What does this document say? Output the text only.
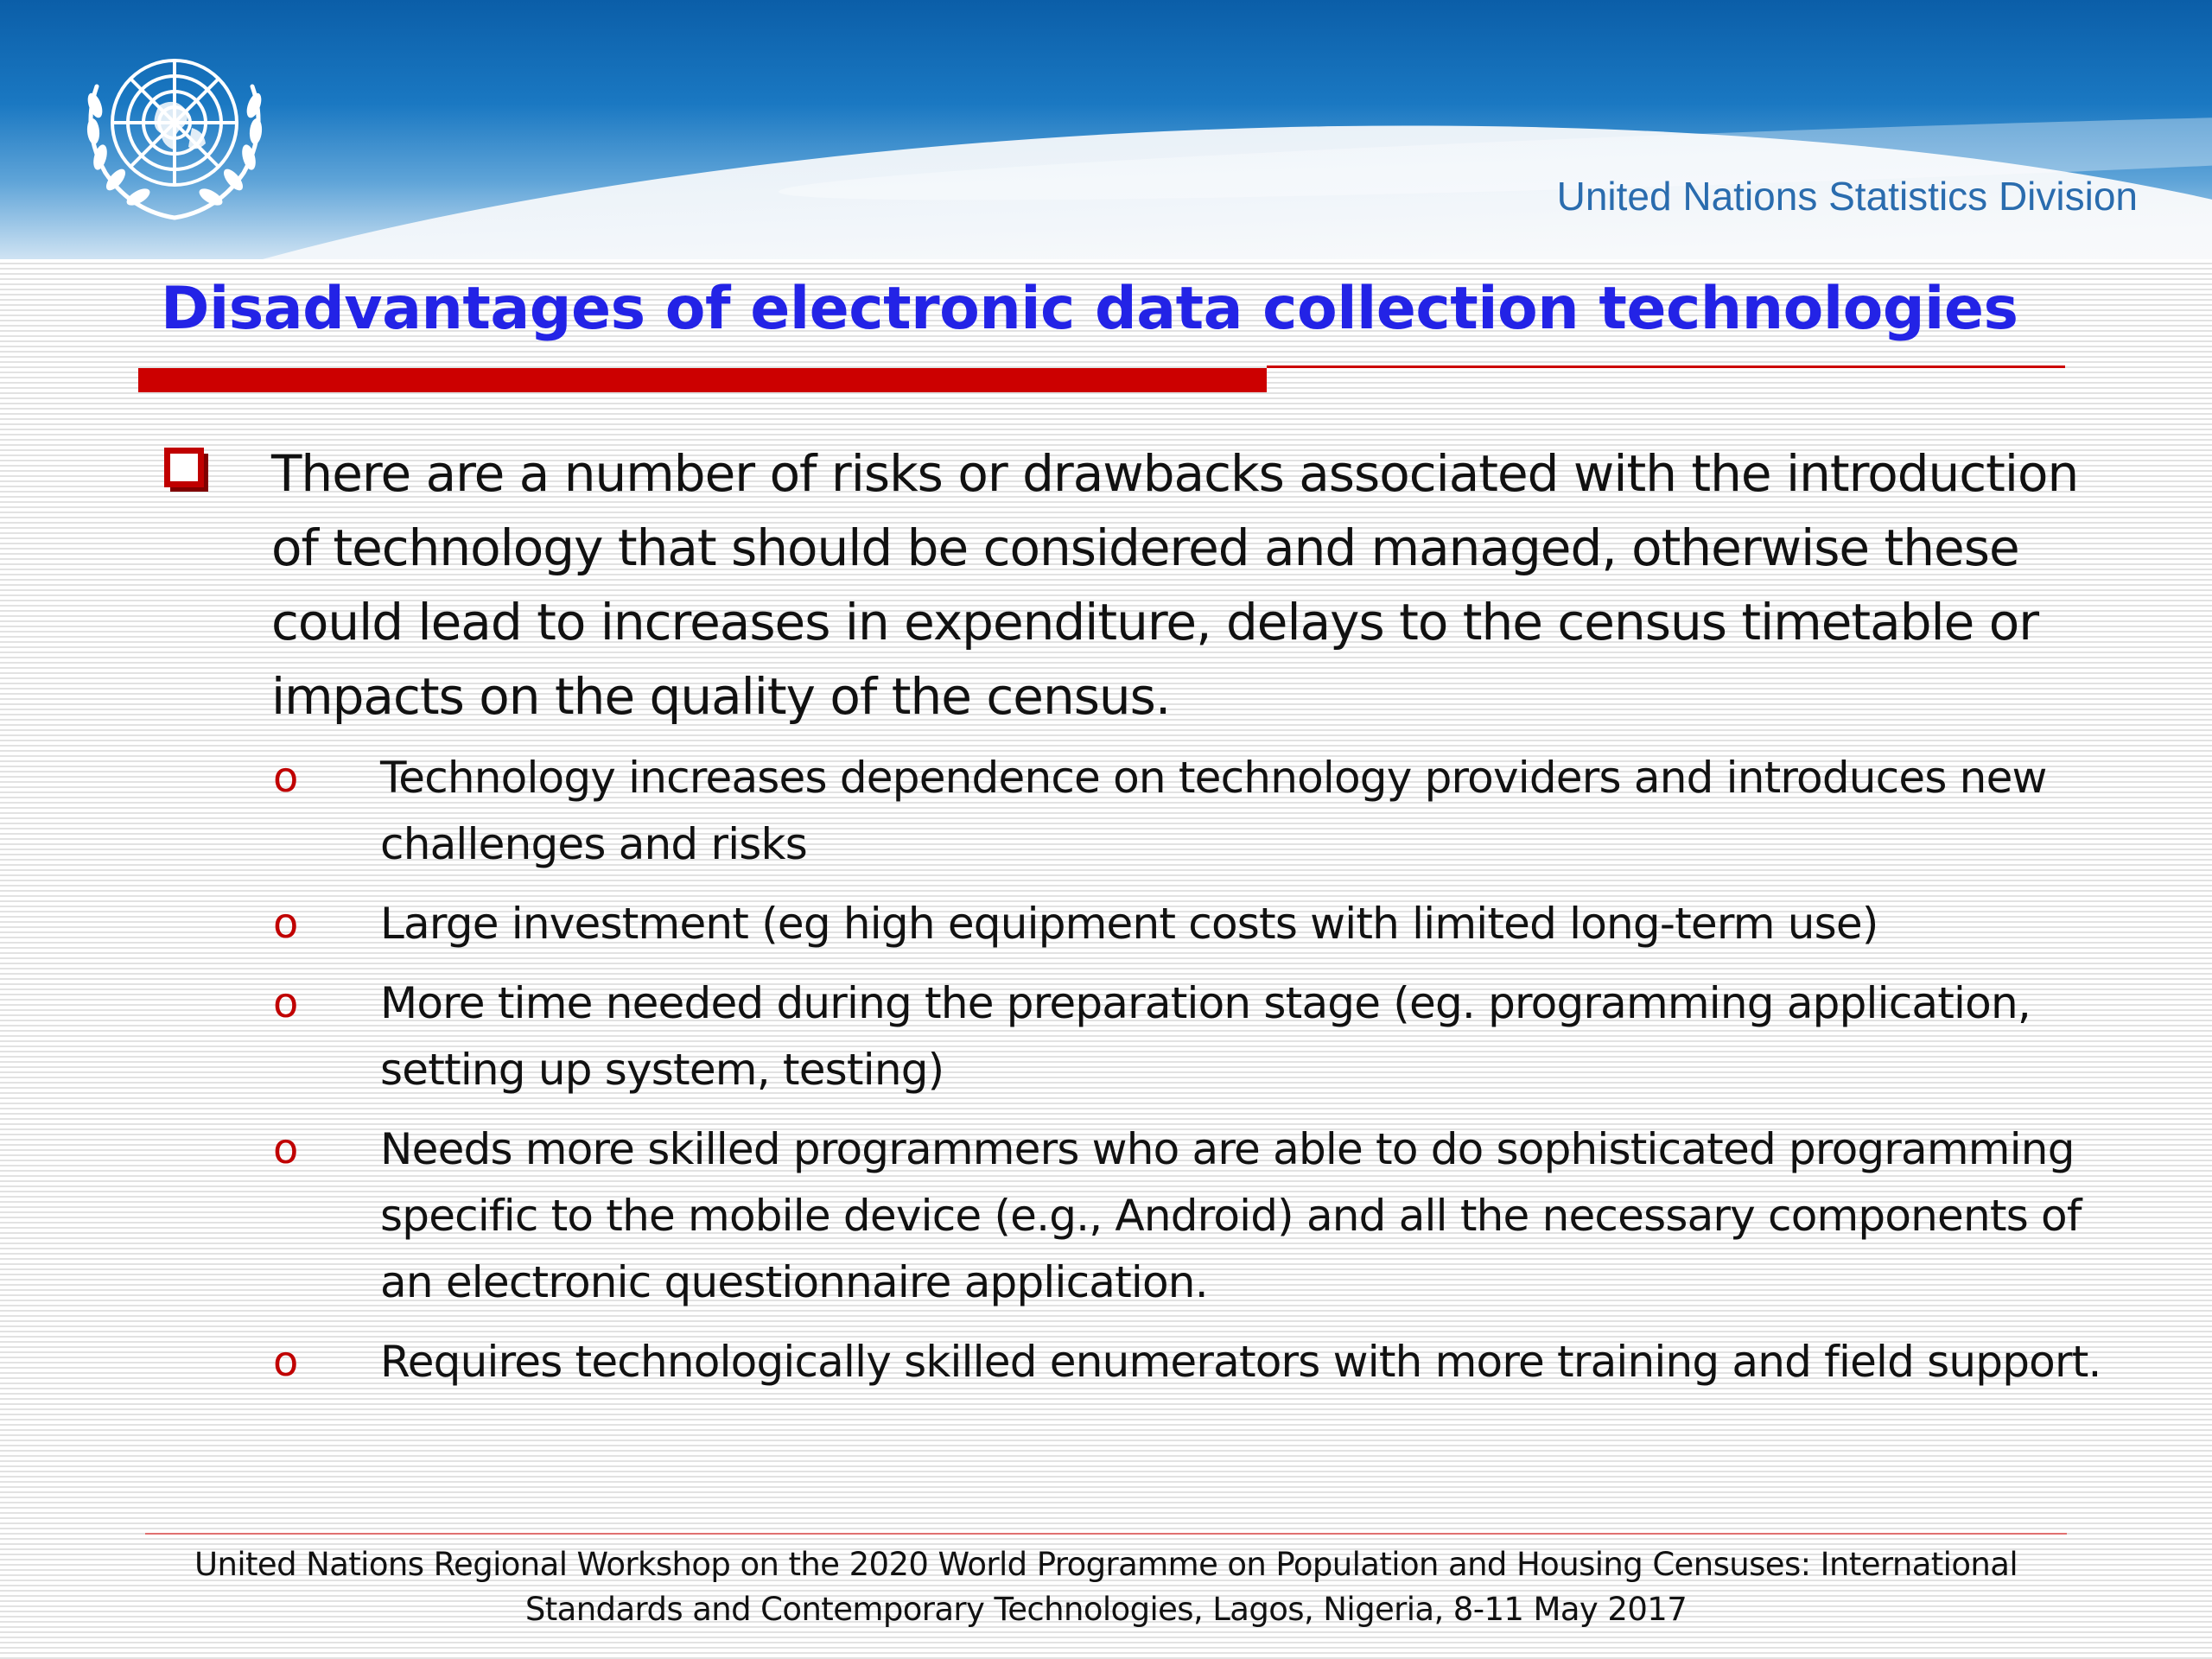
United Nations Statistics Division
Disadvantages of electronic data collection technologies
There are a number of risks or drawbacks associated with the introduction of technology that should be considered and managed, otherwise these could lead to increases in expenditure, delays to the census timetable or impacts on the quality of the census.
o Technology increases dependence on technology providers and introduces new challenges and risks
o Large investment (eg high equipment costs with limited long-term use)
o More time needed during the preparation stage (eg. programming application, setting up system, testing)
o Needs more skilled programmers who are able to do sophisticated programming specific to the mobile device (e.g., Android) and all the necessary components of an electronic questionnaire application.
o Requires technologically skilled enumerators with more training and field support.
United Nations Regional Workshop on the 2020 World Programme on Population and Housing Censuses: International Standards and Contemporary Technologies, Lagos, Nigeria, 8-11 May 2017
